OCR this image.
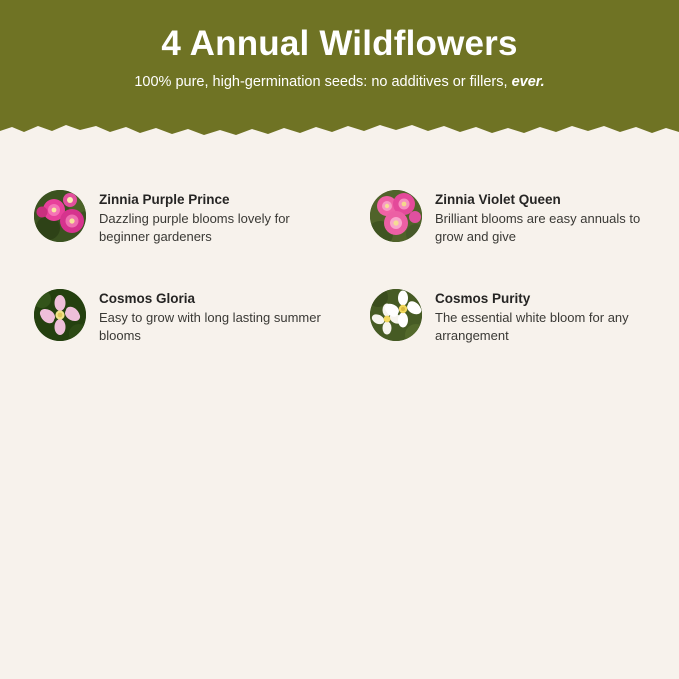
4 Annual Wildflowers

100% pure, high-germination seeds: no additives or fillers, ever.

Zinnia Purple Prince

Dazzling purple blooms lovely for beginner gardeners

Zinnia Violet Queen

Brilliant blooms are easy annuals to grow and give

Cosmos Gloria

Easy to grow with long lasting summer blooms

Cosmos Purity

The essential white bloom for any arrangement
